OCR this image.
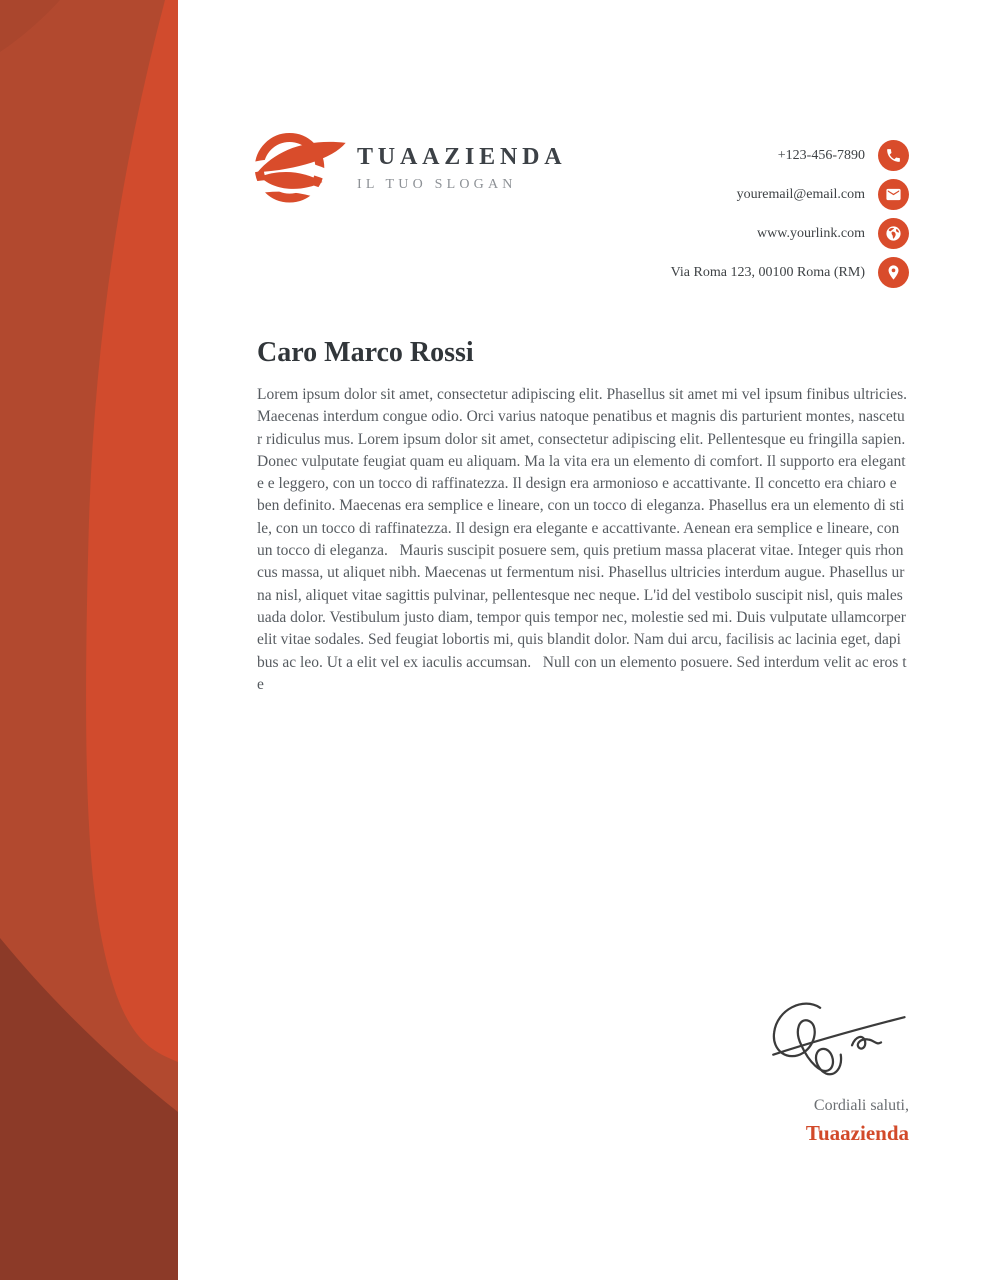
TUAAZIENDA
IL TUO SLOGAN
+123-456-7890
youremail@email.com
www.yourlink.com
Via Roma 123, 00100 Roma (RM)
Caro Marco Rossi

Lorem ipsum dolor sit amet, consectetur adipiscing elit. Phasellus sit amet mi vel ipsum finibus ultricies. Maecenas interdum congue odio. Orci varius natoque penatibus et magnis dis parturient montes, nascetur ridiculus mus. Lorem ipsum dolor sit amet, consectetur adipiscing elit. Pellentesque eu fringilla sapien. Donec vulputate feugiat quam eu aliquam. Ma la vita era un elemento di comfort. Il supporto era elegante e leggero, con un tocco di raffinatezza. Il design era armonioso e accattivante. Il concetto era chiaro e ben definito. Maecenas era semplice e lineare, con un tocco di eleganza. Phasellus era un elemento di stile, con un tocco di raffinatezza. Il design era elegante e accattivante. Aenean era semplice e lineare, con un tocco di eleganza.   Mauris suscipit posuere sem, quis pretium massa placerat vitae. Integer quis rhoncus massa, ut aliquet nibh. Maecenas ut fermentum nisi. Phasellus ultricies interdum augue. Phasellus urna nisl, aliquet vitae sagittis pulvinar, pellentesque nec neque. L'id del vestibolo suscipit nisl, quis malesuada dolor. Vestibulum justo diam, tempor quis tempor nec, molestie sed mi. Duis vulputate ullamcorper elit vitae sodales. Sed feugiat lobortis mi, quis blandit dolor. Nam dui arcu, facilisis ac lacinia eget, dapibus ac leo. Ut a elit vel ex iaculis accumsan.   Null con un elemento posuere. Sed interdum velit ac eros te

Cordiali saluti,
Tuaazienda
